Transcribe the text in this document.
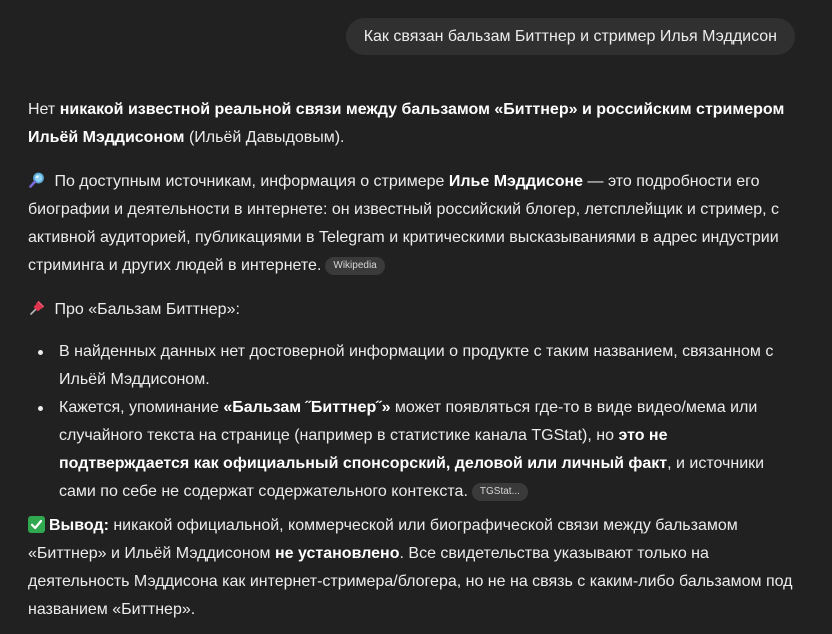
Как связан бальзам Биттнер и стример Илья Мэддисон

Нет никакой известной реальной связи между бальзамом «Биттнер» и российским стримером Ильёй Мэддисоном (Ильёй Давыдовым).

По доступным источникам, информация о стримере Илье Мэддисоне — это подробности его биографии и деятельности в интернете: он известный российский блогер, летсплейщик и стример, с активной аудиторией, публикациями в Telegram и критическими высказываниями в адрес индустрии стриминга и других людей в интернете. Wikipedia

Про «Бальзам Биттнер»:

В найденных данных нет достоверной информации о продукте с таким названием, связанном с Ильёй Мэддисоном.
Кажется, упоминание «Бальзам ˝Биттнер˝» может появляться где-то в виде видео/мема или случайного текста на странице (например в статистике канала TGStat), но это не подтверждается как официальный спонсорский, деловой или личный факт, и источники сами по себе не содержат содержательного контекста. TGStat...

Вывод: никакой официальной, коммерческой или биографической связи между бальзамом «Биттнер» и Ильёй Мэддисоном не установлено. Все свидетельства указывают только на деятельность Мэддисона как интернет-стримера/блогера, но не на связь с каким-либо бальзамом под названием «Биттнер».
